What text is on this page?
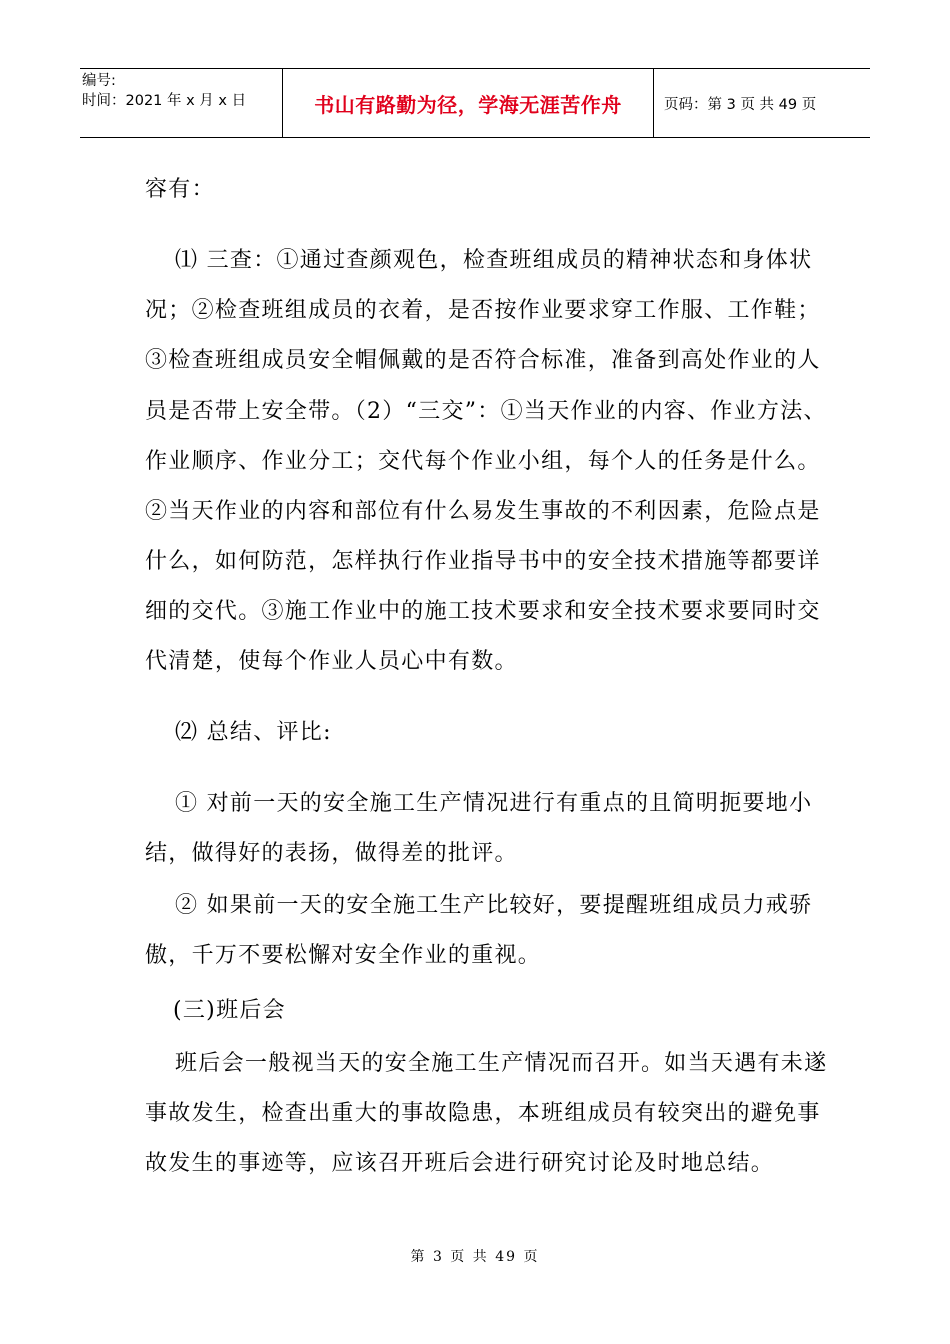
编号:
时间：2021 年 x 月 x 日	书山有路勤为径，学海无涯苦作舟	页码：第 3 页 共 49 页
容有：
⑴ 三查：①通过查颜观色，检查班组成员的精神状态和身体状
况；②检查班组成员的衣着，是否按作业要求穿工作服、工作鞋；
③检查班组成员安全帽佩戴的是否符合标准，准备到高处作业的人
员是否带上安全带。（2）“三交”：①当天作业的内容、作业方法、
作业顺序、作业分工；交代每个作业小组，每个人的任务是什么。
②当天作业的内容和部位有什么易发生事故的不利因素，危险点是
什么，如何防范，怎样执行作业指导书中的安全技术措施等都要详
细的交代。③施工作业中的施工技术要求和安全技术要求要同时交
代清楚，使每个作业人员心中有数。
⑵ 总结、评比:
① 对前一天的安全施工生产情况进行有重点的且简明扼要地小
结，做得好的表扬，做得差的批评。
② 如果前一天的安全施工生产比较好，要提醒班组成员力戒骄
傲，千万不要松懈对安全作业的重视。
(三)班后会
班后会一般视当天的安全施工生产情况而召开。如当天遇有未遂
事故发生，检查出重大的事故隐患，本班组成员有较突出的避免事
故发生的事迹等，应该召开班后会进行研究讨论及时地总结。
第 3 页 共 49 页
